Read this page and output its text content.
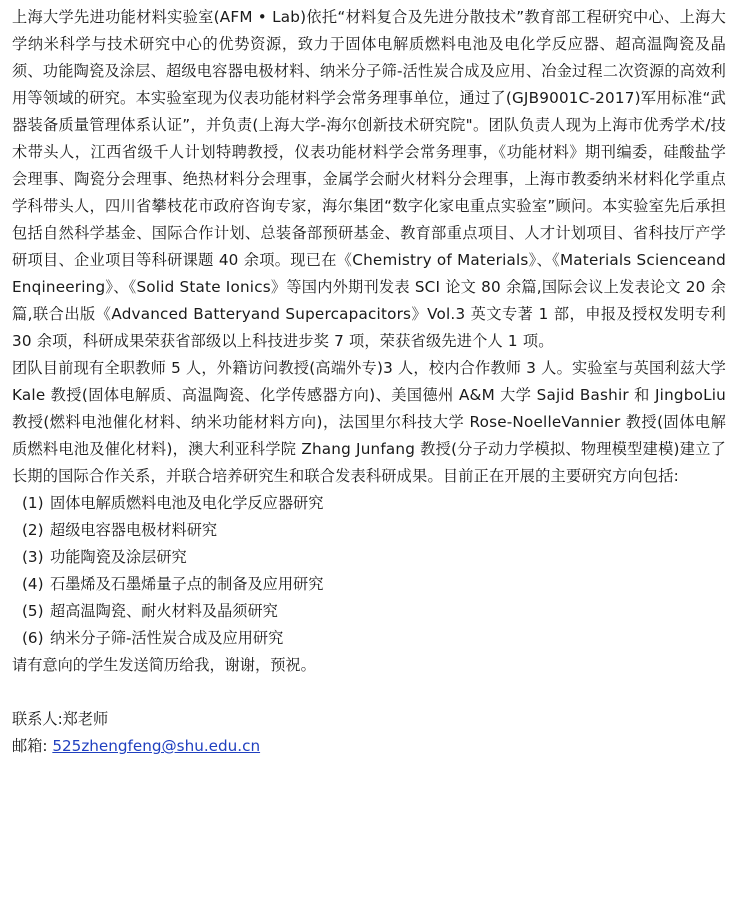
上海大学先进功能材料实验室(AFM • Lab)依托“材料复合及先进分散技术”教育部工程研究中心、上海大学纳米科学与技术研究中心的优势资源，致力于固体电解质燃料电池及电化学反应器、超高温陶瓷及晶须、功能陶瓷及涂层、超级电容器电极材料、纳米分子筛-活性炭合成及应用、冶金过程二次资源的高效利用等领域的研究。本实验室现为仪表功能材料学会常务理事单位，通过了(GJB9001C-2017)军用标准“武器装备质量管理体系认证”，并负责(上海大学-海尔创新技术研究院"。团队负责人现为上海市优秀学术/技术带头人，江西省级千人计划特聘教授，仪表功能材料学会常务理事，《功能材料》期刊编委，硅酸盐学会理事、陶瓷分会理事、绝热材料分会理事，金属学会耐火材料分会理事，上海市教委纳米材料化学重点学科带头人，四川省攀枝花市政府咨询专家，海尔集团“数字化家电重点实验室”顾问。本实验室先后承担包括自然科学基金、国际合作计划、总装备部预研基金、教育部重点项目、人才计划项目、省科技厅产学研项目、企业项目等科研课题 40 余项。现已在《Chemistry of Materials》、《Materials Scienceand Enqineering》、《Solid State Ionics》等国内外期刊发表 SCI 论文 80 余篇,国际会议上发表论文 20 余篇,联合出版《Advanced Batteryand Supercapacitors》Vol.3 英文专著 1 部，申报及授权发明专利 30 余项，科研成果荣获省部级以上科技进步奖 7 项，荣获省级先进个人 1 项。

团队目前现有全职教师 5 人，外籍访问教授(高端外专)3 人，校内合作教师 3 人。实验室与英国利兹大学 Kale 教授(固体电解质、高温陶瓷、化学传感器方向)、美国德州 A&M 大学 Sajid Bashir 和 JingboLiu 教授(燃料电池催化材料、纳米功能材料方向)，法国里尔科技大学 Rose-NoelleVannier 教授(固体电解质燃料电池及催化材料)，澳大利亚科学院 Zhang Junfang 教授(分子动力学模拟、物理模型建模)建立了长期的国际合作关系，并联合培养研究生和联合发表科研成果。目前正在开展的主要研究方向包括:

(1) 固体电解质燃料电池及电化学反应器研究
(2) 超级电容器电极材料研究
(3) 功能陶瓷及涂层研究
(4) 石墨烯及石墨烯量子点的制备及应用研究
(5) 超高温陶瓷、耐火材料及晶须研究
(6) 纳米分子筛-活性炭合成及应用研究

请有意向的学生发送简历给我，谢谢，预祝。

联系人:郑老师
邮箱: 525zhengfeng@shu.edu.cn
